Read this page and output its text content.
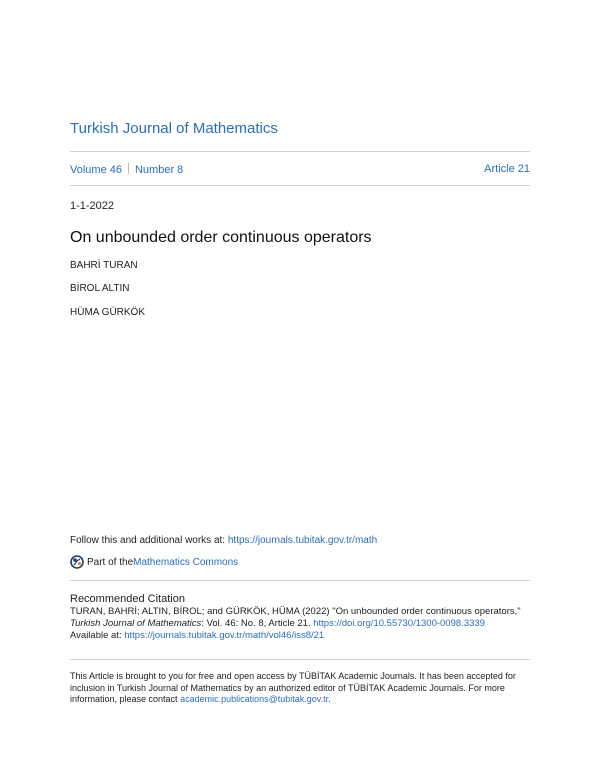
Turkish Journal of Mathematics
Volume 46 Number 8	Article 21
1-1-2022
On unbounded order continuous operators
BAHRİ TURAN
BİROL ALTIN
HÜMA GÜRKÖK
Follow this and additional works at: https://journals.tubitak.gov.tr/math
Part of the Mathematics Commons
Recommended Citation

TURAN, BAHRİ; ALTIN, BİROL; and GÜRKÖK, HÜMA (2022) "On unbounded order continuous operators,"

Turkish Journal of Mathematics: Vol. 46: No. 8, Article 21. https://doi.org/10.55730/1300-0098.3339

Available at: https://journals.tubitak.gov.tr/math/vol46/iss8/21

This Article is brought to you for free and open access by TÜBİTAK Academic Journals. It has been accepted for

inclusion in Turkish Journal of Mathematics by an authorized editor of TÜBİTAK Academic Journals. For more

information, please contact academic.publications@tubitak.gov.tr.
